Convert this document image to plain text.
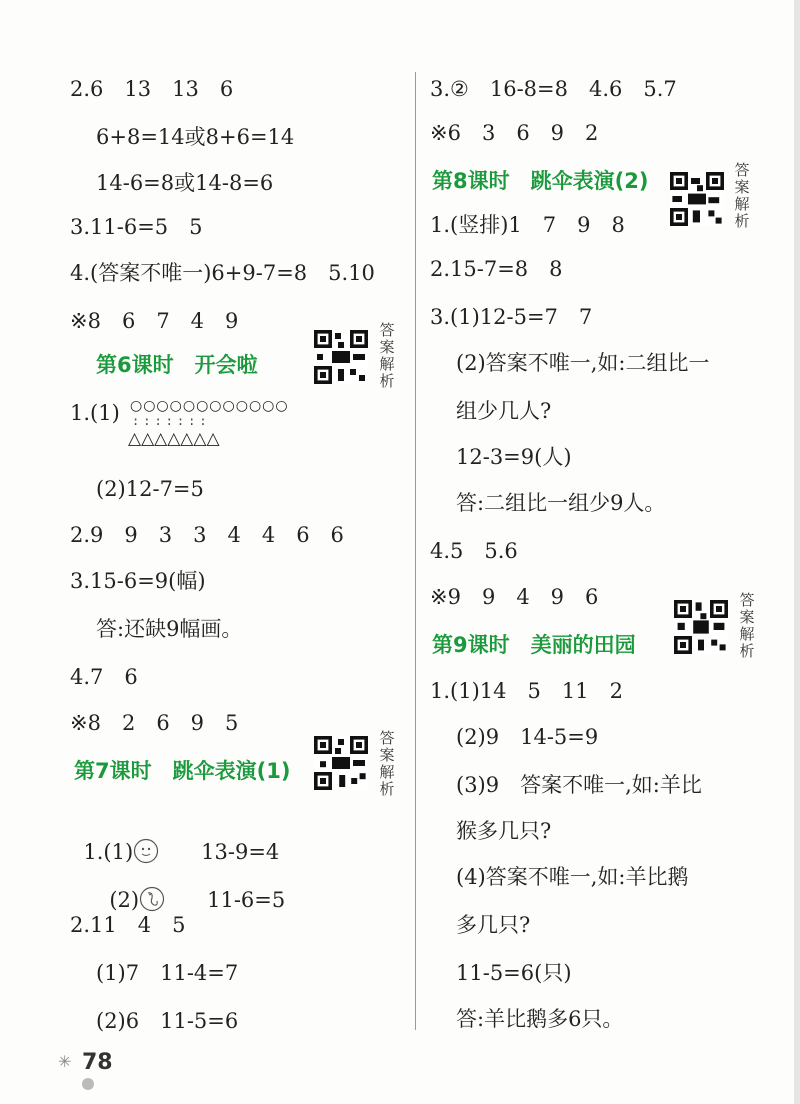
2.6　13　13　6
6+8=14或8+6=14
14-6=8或14-8=6
3.11-6=5　5
4.(答案不唯一)6+9-7=8　5.10
※8　6　7　4　9
第6课时　开会啦
答
案
解
析
1.(1) ○○○○○○○○○○○○
:::::::
△△△△△△△
(2)12-7=5
2.9　9　3　3　4　4　6　6
3.15-6=9(幅)
答:还缺9幅画。
4.7　6
※8　2　6　9　5
第7课时　跳伞表演(1)
答
案
解
析

1.(1)　　	13-9=4

(2)　　	11-6=5

2.11　4　5
(1)7　11-4=7
(2)6　11-5=6
3.②　16-8=8　4.6　5.7
※6　3　6　9　2
第8课时　跳伞表演(2)	答
案
解
析
1.(竖排)1　7　9　8
2.15-7=8　8
3.(1)12-5=7　7
(2)答案不唯一,如:二组比一
组少几人?
12-3=9(人)
答:二组比一组少9人。
4.5　5.6
※9　9　4　9　6
第9课时　美丽的田园
答
案
解
析
1.(1)14　5　11　2
(2)9　14-5=9
(3)9　答案不唯一,如:羊比
猴多几只?
(4)答案不唯一,如:羊比鹅
多几只?
11-5=6(只)
答:羊比鹅多6只。
✳ 78
